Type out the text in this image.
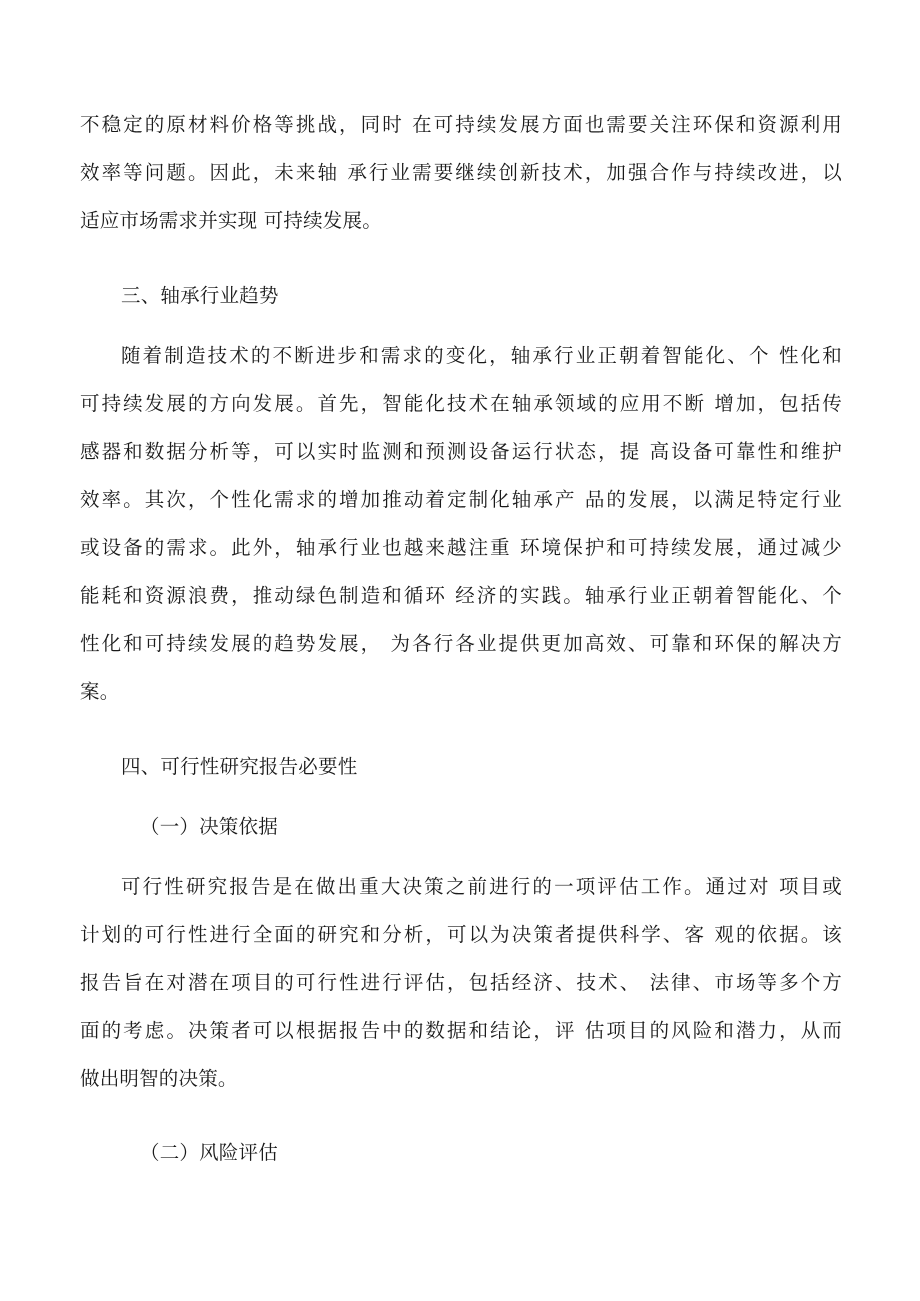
不稳定的原材料价格等挑战，同时 在可持续发展方面也需要关注环保和资源利用
效率等问题。因此，未来轴 承行业需要继续创新技术，加强合作与持续改进，以
适应市场需求并实现 可持续发展。
三、轴承行业趋势
随着制造技术的不断进步和需求的变化，轴承行业正朝着智能化、个 性化和
可持续发展的方向发展。首先，智能化技术在轴承领域的应用不断 增加，包括传
感器和数据分析等，可以实时监测和预测设备运行状态，提 高设备可靠性和维护
效率。其次，个性化需求的增加推动着定制化轴承产 品的发展，以满足特定行业
或设备的需求。此外，轴承行业也越来越注重 环境保护和可持续发展，通过减少
能耗和资源浪费，推动绿色制造和循环 经济的实践。轴承行业正朝着智能化、个
性化和可持续发展的趋势发展， 为各行各业提供更加高效、可靠和环保的解决方
案。
四、可行性研究报告必要性
（一）决策依据
可行性研究报告是在做出重大决策之前进行的一项评估工作。通过对 项目或
计划的可行性进行全面的研究和分析，可以为决策者提供科学、客 观的依据。该
报告旨在对潜在项目的可行性进行评估，包括经济、技术、 法律、市场等多个方
面的考虑。决策者可以根据报告中的数据和结论，评 估项目的风险和潜力，从而
做出明智的决策。
（二）风险评估
